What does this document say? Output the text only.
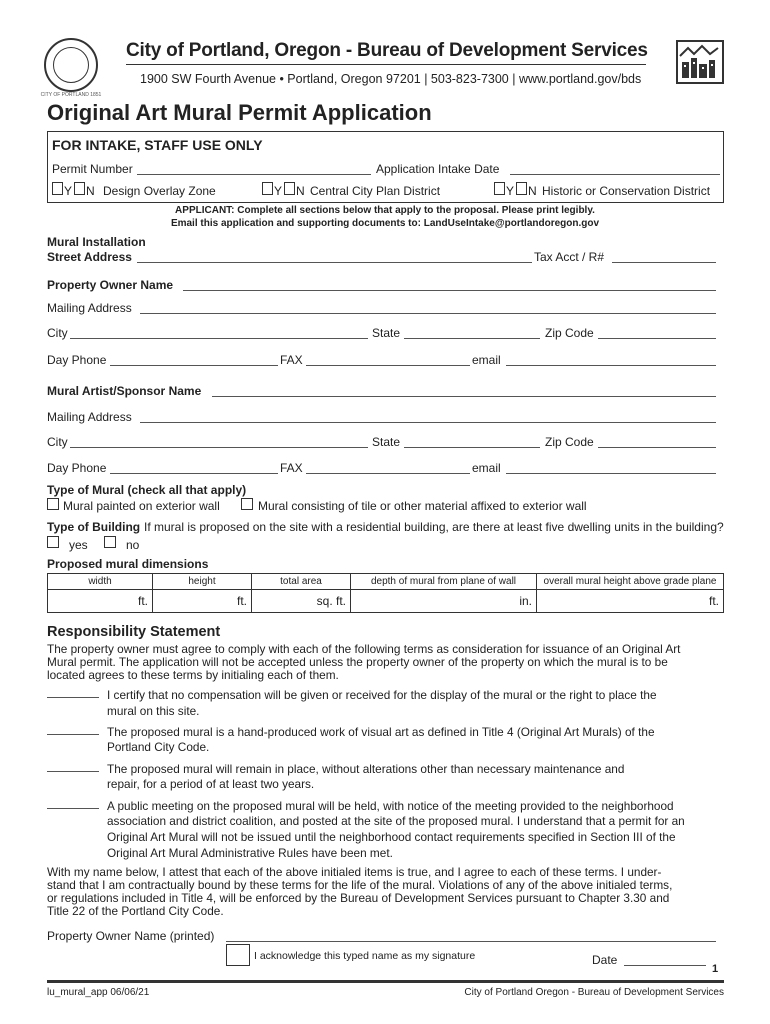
CITY OF PORTLAND 1851
City of Portland, Oregon - Bureau of Development Services
1900 SW Fourth Avenue • Portland, Oregon 97201 | 503-823-7300 | www.portland.gov/bds
Original Art Mural Permit Application
FOR INTAKE, STAFF USE ONLY
Permit Number	Application Intake Date
Y N Design Overlay Zone	Y N Central City Plan District	Y N Historic or Conservation District
APPLICANT: Complete all sections below that apply to the proposal. Please print legibly.
Email this application and supporting documents to: LandUseIntake@portlandoregon.gov
Mural Installation
Street Address	Tax Acct / R#
Property Owner Name
Mailing Address
City	State	Zip Code
Day Phone	FAX	email
Mural Artist/Sponsor Name
Mailing Address
City	State	Zip Code
Day Phone	FAX	email
Type of Mural (check all that apply)
Mural painted on exterior wall	Mural consisting of tile or other material affixed to exterior wall
Type of Building If mural is proposed on the site with a residential building, are there at least five dwelling units in the building?
yes	no
Proposed mural dimensions
width	height	total area	depth of mural from plane of wall	overall mural height above grade plane
ft.	ft.	sq. ft.	in.	ft.
Responsibility Statement
The property owner must agree to comply with each of the following terms as consideration for issuance of an Original Art
Mural permit. The application will not be accepted unless the property owner of the property on which the mural is to be
located agrees to these terms by initialing each of them.
I certify that no compensation will be given or received for the display of the mural or the right to place the
mural on this site.
The proposed mural is a hand-produced work of visual art as defined in Title 4 (Original Art Murals) of the
Portland City Code.
The proposed mural will remain in place, without alterations other than necessary maintenance and
repair, for a period of at least two years.
A public meeting on the proposed mural will be held, with notice of the meeting provided to the neighborhood
association and district coalition, and posted at the site of the proposed mural. I understand that a permit for an
Original Art Mural will not be issued until the neighborhood contact requirements specified in Section III of the
Original Art Mural Administrative Rules have been met.
With my name below, I attest that each of the above initialed items is true, and I agree to each of these terms. I under-
stand that I am contractually bound by these terms for the life of the mural. Violations of any of the above initialed terms,
or regulations included in Title 4, will be enforced by the Bureau of Development Services pursuant to Chapter 3.30 and
Title 22 of the Portland City Code.
Property Owner Name (printed)
I acknowledge this typed name as my signature	Date
1
lu_mural_app 06/06/21	City of Portland Oregon - Bureau of Development Services
